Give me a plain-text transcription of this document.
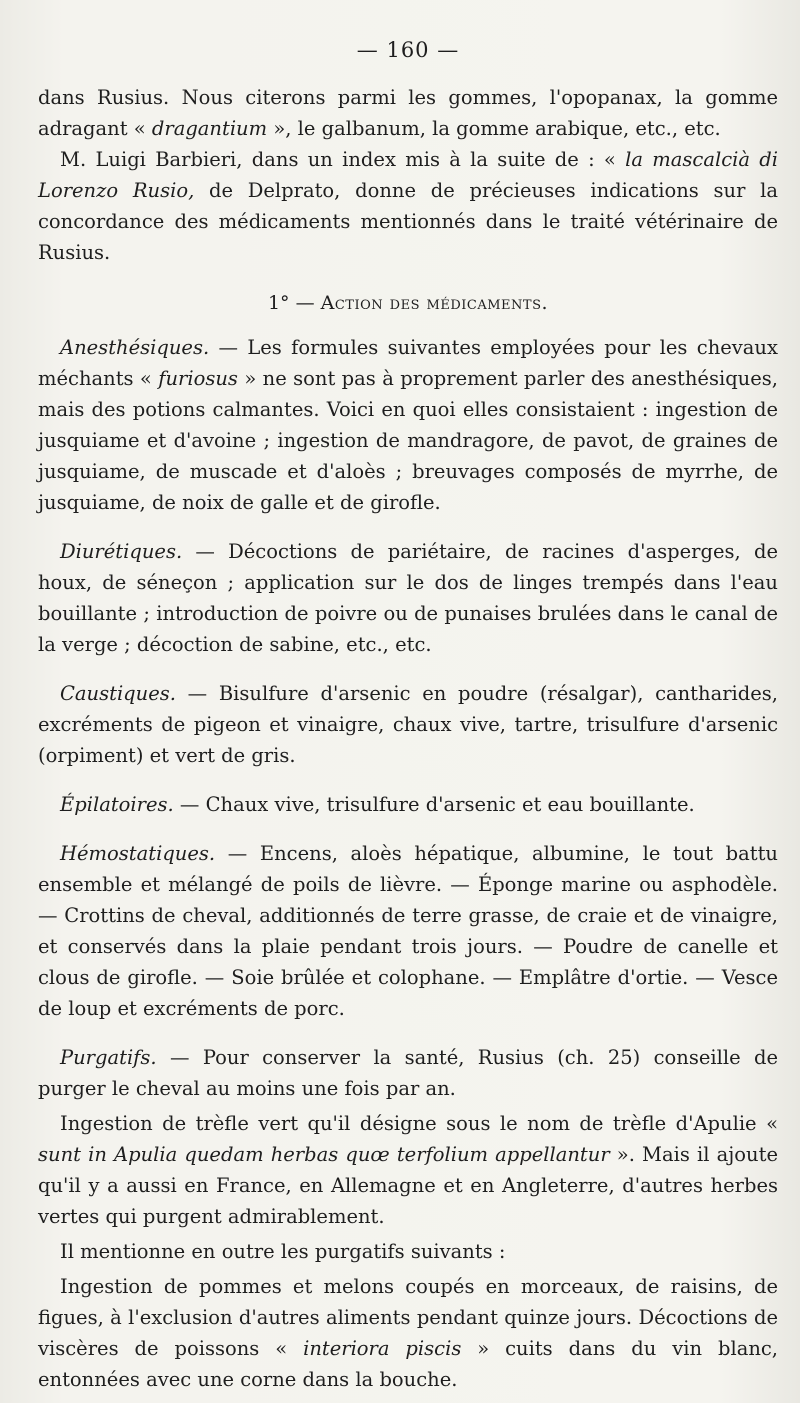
— 160 —

dans Rusius. Nous citerons parmi les gommes, l'opopanax, la gomme adragant « dragantium », le galbanum, la gomme arabique, etc., etc.

M. Luigi Barbieri, dans un index mis à la suite de : « la mascalcià di Lorenzo Rusio, de Delprato, donne de précieuses indications sur la concordance des médicaments mentionnés dans le traité vétérinaire de Rusius.

1° — Action des médicaments.

Anesthésiques. — Les formules suivantes employées pour les chevaux méchants « furiosus » ne sont pas à proprement parler des anesthésiques, mais des potions calmantes. Voici en quoi elles consistaient : ingestion de jusquiame et d'avoine ; ingestion de mandragore, de pavot, de graines de jusquiame, de muscade et d'aloès ; breuvages composés de myrrhe, de jusquiame, de noix de galle et de girofle.

Diurétiques. — Décoctions de pariétaire, de racines d'asperges, de houx, de séneçon ; application sur le dos de linges trempés dans l'eau bouillante ; introduction de poivre ou de punaises brulées dans le canal de la verge ; décoction de sabine, etc., etc.

Caustiques. — Bisulfure d'arsenic en poudre (résalgar), cantharides, excréments de pigeon et vinaigre, chaux vive, tartre, trisulfure d'arsenic (orpiment) et vert de gris.

Épilatoires. — Chaux vive, trisulfure d'arsenic et eau bouillante.

Hémostatiques. — Encens, aloès hépatique, albumine, le tout battu ensemble et mélangé de poils de lièvre. — Éponge marine ou asphodèle. — Crottins de cheval, additionnés de terre grasse, de craie et de vinaigre, et conservés dans la plaie pendant trois jours. — Poudre de canelle et clous de girofle. — Soie brûlée et colophane. — Emplâtre d'ortie. — Vesce de loup et excréments de porc.

Purgatifs. — Pour conserver la santé, Rusius (ch. 25) conseille de purger le cheval au moins une fois par an.

Ingestion de trèfle vert qu'il désigne sous le nom de trèfle d'Apulie « sunt in Apulia quedam herbas quœ terfolium appellantur ». Mais il ajoute qu'il y a aussi en France, en Allemagne et en Angleterre, d'autres herbes vertes qui purgent admirablement.

Il mentionne en outre les purgatifs suivants :

Ingestion de pommes et melons coupés en morceaux, de raisins, de figues, à l'exclusion d'autres aliments pendant quinze jours. Décoctions de viscères de poissons « interiora piscis » cuits dans du vin blanc, entonnées avec une corne dans la bouche.
